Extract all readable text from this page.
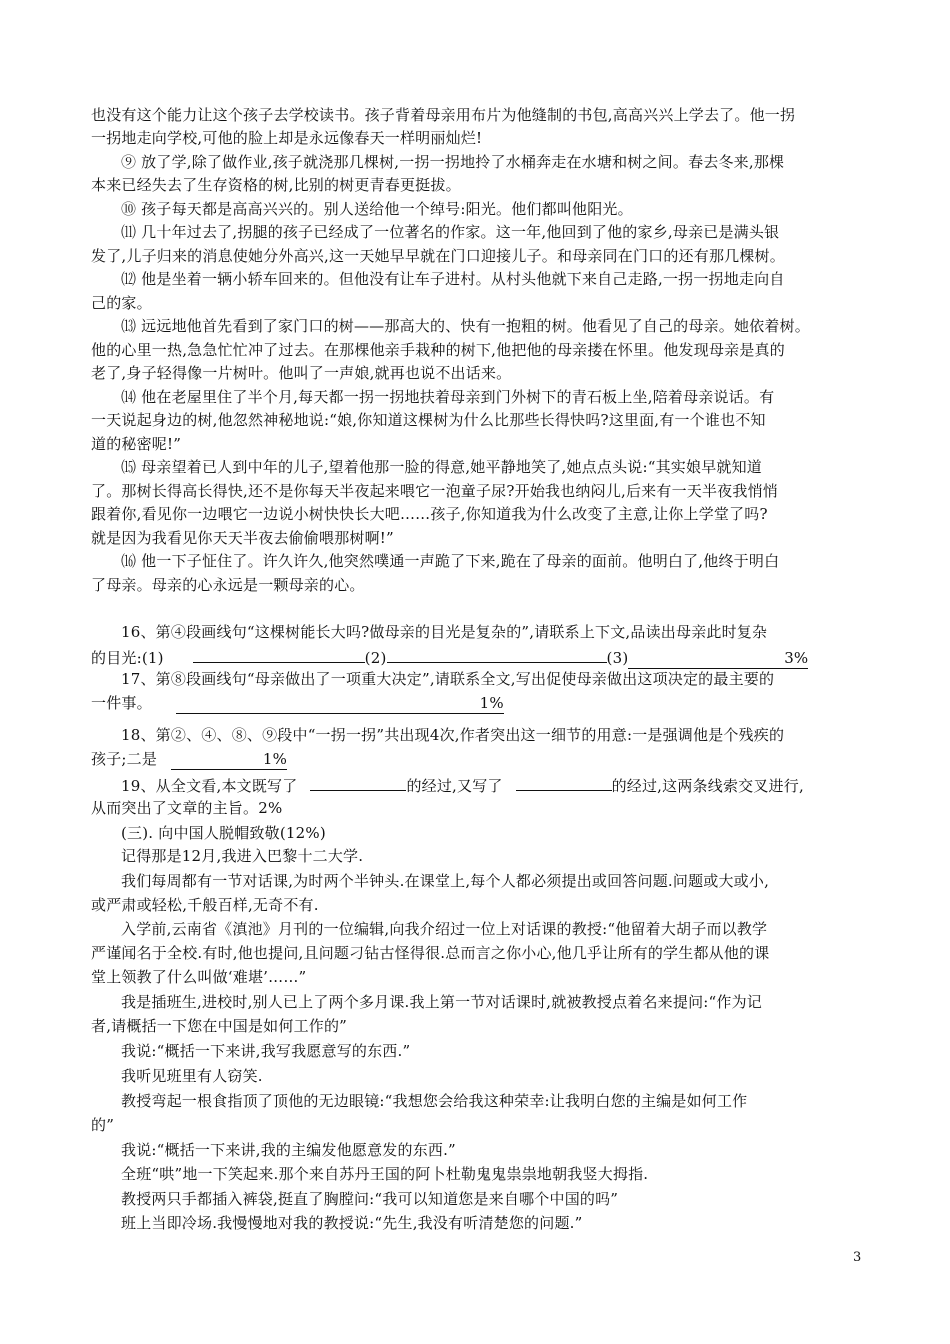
也没有这个能力让这个孩子去学校读书。孩子背着母亲用布片为他缝制的书包,高高兴兴上学去了。他一拐
一拐地走向学校,可他的脸上却是永远像春天一样明丽灿烂!
⑨ 放了学,除了做作业,孩子就浇那几棵树,一拐一拐地拎了水桶奔走在水塘和树之间。春去冬来,那棵
本来已经失去了生存资格的树,比别的树更青春更挺拔。
⑩ 孩子每天都是高高兴兴的。别人送给他一个绰号:阳光。他们都叫他阳光。
⑾ 几十年过去了,拐腿的孩子已经成了一位著名的作家。这一年,他回到了他的家乡,母亲已是满头银
发了,儿子归来的消息使她分外高兴,这一天她早早就在门口迎接儿子。和母亲同在门口的还有那几棵树。
⑿ 他是坐着一辆小轿车回来的。但他没有让车子进村。从村头他就下来自己走路,一拐一拐地走向自
己的家。
⒀ 远远地他首先看到了家门口的树——那高大的、快有一抱粗的树。他看见了自己的母亲。她依着树。
他的心里一热,急急忙忙冲了过去。在那棵他亲手栽种的树下,他把他的母亲搂在怀里。他发现母亲是真的
老了,身子轻得像一片树叶。他叫了一声娘,就再也说不出话来。
⒁ 他在老屋里住了半个月,每天都一拐一拐地扶着母亲到门外树下的青石板上坐,陪着母亲说话。有
一天说起身边的树,他忽然神秘地说:“娘,你知道这棵树为什么比那些长得快吗?这里面,有一个谁也不知
道的秘密呢!”
⒂ 母亲望着已人到中年的儿子,望着他那一脸的得意,她平静地笑了,她点点头说:“其实娘早就知道
了。那树长得高长得快,还不是你每天半夜起来喂它一泡童子尿?开始我也纳闷儿,后来有一天半夜我悄悄
跟着你,看见你一边喂它一边说小树快快长大吧……孩子,你知道我为什么改变了主意,让你上学堂了吗?
就是因为我看见你天天半夜去偷偷喂那树啊!”
⒃ 他一下子怔住了。许久许久,他突然噗通一声跪了下来,跪在了母亲的面前。他明白了,他终于明白
了母亲。母亲的心永远是一颗母亲的心。
16、第④段画线句“这棵树能长大吗?做母亲的目光是复杂的”,请联系上下文,品读出母亲此时复杂
的目光:(1)	(2)	(3)	3%
17、第⑧段画线句“母亲做出了一项重大决定”,请联系全文,写出促使母亲做出这项决定的最主要的
一件事。	1%
18、第②、④、⑧、⑨段中“一拐一拐”共出现4次,作者突出这一细节的用意:一是强调他是个残疾的
孩子;二是	1%
19、从全文看,本文既写了	的经过,又写了	的经过,这两条线索交叉进行,
从而突出了文章的主旨。2%
(三). 向中国人脱帽致敬(12%)
记得那是12月,我进入巴黎十二大学.
我们每周都有一节对话课,为时两个半钟头.在课堂上,每个人都必须提出或回答问题.问题或大或小,
或严肃或轻松,千般百样,无奇不有.
入学前,云南省《滇池》月刊的一位编辑,向我介绍过一位上对话课的教授:“他留着大胡子而以教学
严谨闻名于全校.有时,他也提问,且问题刁钻古怪得很.总而言之你小心,他几乎让所有的学生都从他的课
堂上领教了什么叫做‘难堪’……”
我是插班生,进校时,别人已上了两个多月课.我上第一节对话课时,就被教授点着名来提问:“作为记
者,请概括一下您在中国是如何工作的”
我说:“概括一下来讲,我写我愿意写的东西.”
我听见班里有人窃笑.
教授弯起一根食指顶了顶他的无边眼镜:“我想您会给我这种荣幸:让我明白您的主编是如何工作
的”
我说:“概括一下来讲,我的主编发他愿意发的东西.”
全班“哄”地一下笑起来.那个来自苏丹王国的阿卜杜勒鬼鬼祟祟地朝我竖大拇指.
教授两只手都插入裤袋,挺直了胸膛问:“我可以知道您是来自哪个中国的吗”
班上当即冷场.我慢慢地对我的教授说:“先生,我没有听清楚您的问题.”
3
